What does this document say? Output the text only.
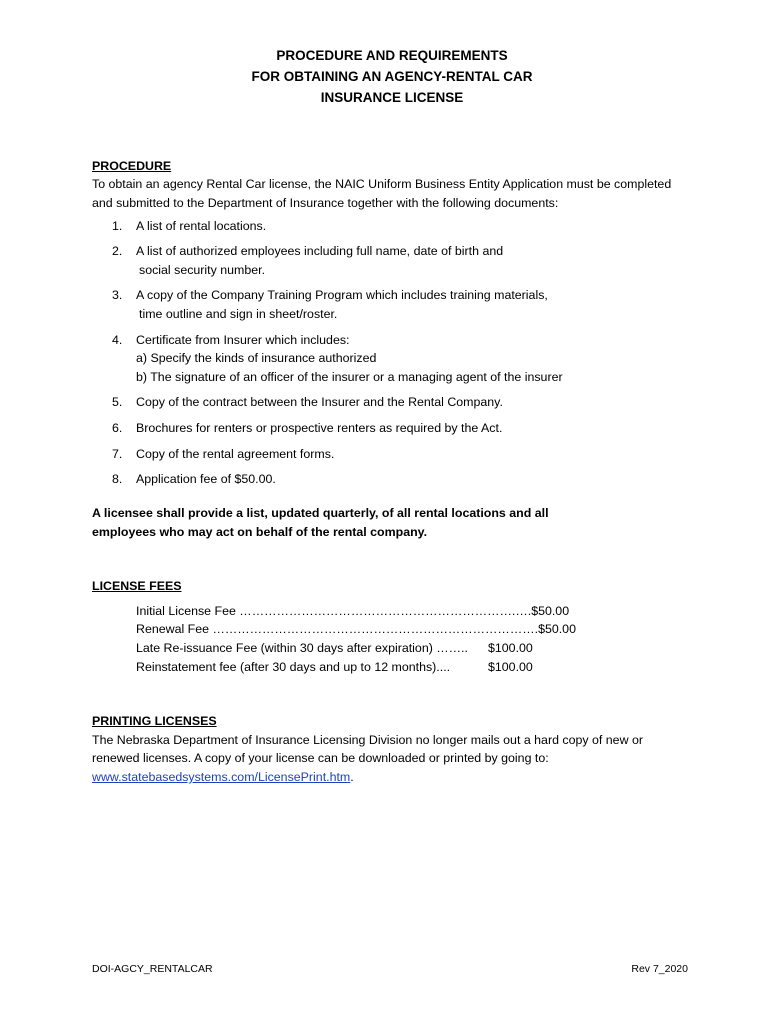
PROCEDURE AND REQUIREMENTS
FOR OBTAINING AN AGENCY-RENTAL CAR
INSURANCE LICENSE

PROCEDURE

To obtain an agency Rental Car license, the NAIC Uniform Business Entity Application must be completed and submitted to the Department of Insurance together with the following documents:

1. A list of rental locations.
2. A list of authorized employees including full name, date of birth and
social security number.
3. A copy of the Company Training Program which includes training materials,
time outline and sign in sheet/roster.
4. Certificate from Insurer which includes:
a) Specify the kinds of insurance authorized
b) The signature of an officer of the insurer or a managing agent of the insurer
5. Copy of the contract between the Insurer and the Rental Company.
6. Brochures for renters or prospective renters as required by the Act.
7. Copy of the rental agreement forms.
8. Application fee of $50.00.

A licensee shall provide a list, updated quarterly, of all rental locations and all employees who may act on behalf of the rental company.

LICENSE FEES

Initial License Fee ………………………………………………………….…. $50.00
Renewal Fee ……………………………………………………………………. $50.00
Late Re-issuance Fee (within 30 days after expiration) ……..	$100.00
Reinstatement fee (after 30 days and up to 12 months)....	$100.00

PRINTING LICENSES

The Nebraska Department of Insurance Licensing Division no longer mails out a hard copy of new or renewed licenses. A copy of your license can be downloaded or printed by going to: www.statebasedsystems.com/LicensePrint.htm.

DOI-AGCY_RENTALCAR	Rev 7_2020
